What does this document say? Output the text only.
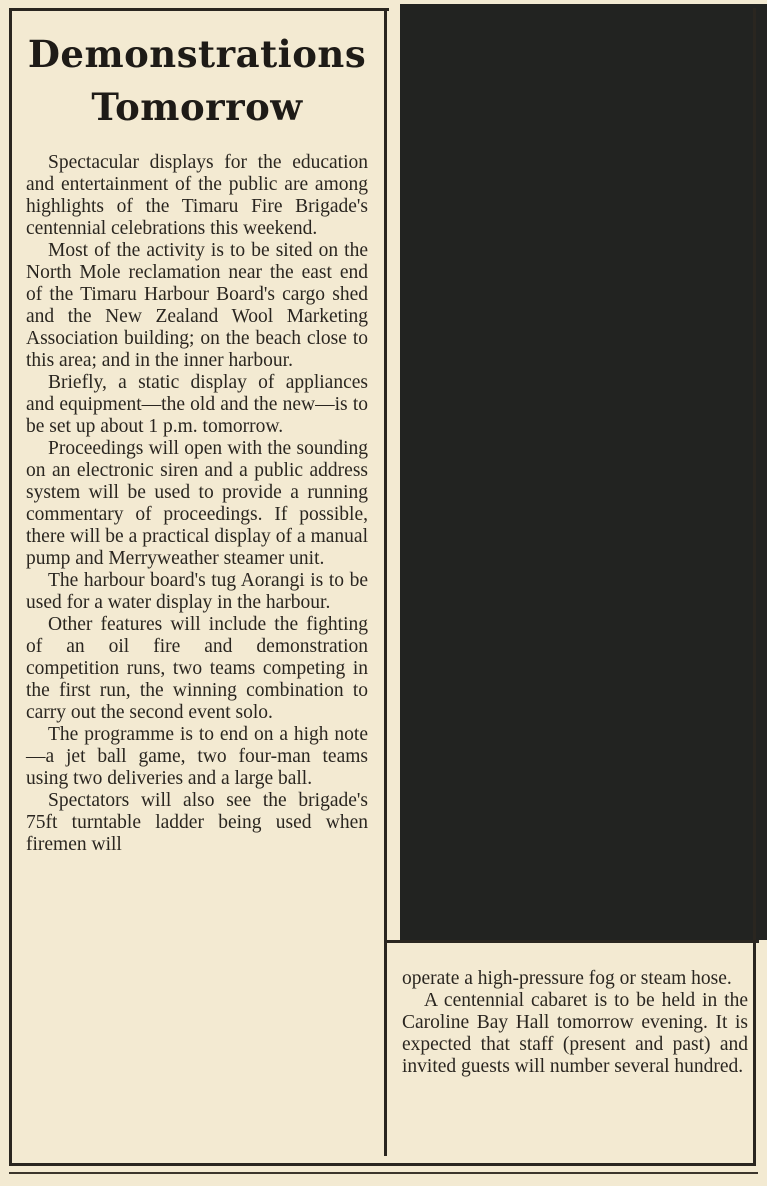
Demonstrations Tomorrow

Spectacular displays for the education and entertainment of the public are among highlights of the Timaru Fire Brigade's centennial celebrations this weekend.

Most of the activity is to be sited on the North Mole reclamation near the east end of the Timaru Harbour Board's cargo shed and the New Zealand Wool Marketing Association building; on the beach close to this area; and in the inner harbour.

Briefly, a static display of appliances and equipment—the old and the new—is to be set up about 1 p.m. tomorrow.

Proceedings will open with the sounding on an electronic siren and a public address system will be used to provide a running commentary of proceedings. If possible, there will be a practical display of a manual pump and Merryweather steamer unit.

The harbour board's tug Aorangi is to be used for a water display in the harbour.

Other features will include the fighting of an oil fire and demonstration competition runs, two teams competing in the first run, the winning combination to carry out the second event solo.

The programme is to end on a high note—a jet ball game, two four-man teams using two deliveries and a large ball.

Spectators will also see the brigade's 75ft turntable ladder being used when firemen will

operate a high-pressure fog or steam hose.

A centennial cabaret is to be held in the Caroline Bay Hall tomorrow evening. It is expected that staff (present and past) and invited guests will number several hundred.
